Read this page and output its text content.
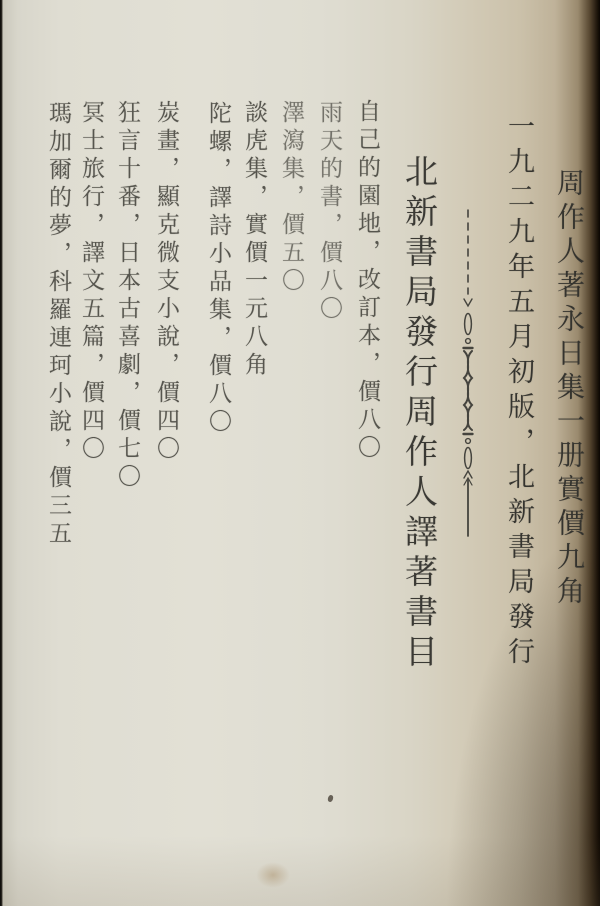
周作人著永日集一册實價九角
一九二九年五月初版，北新書局發行
北新書局發行周作人譯著書目
自己的園地，改訂本，價八〇
雨天的書，價八〇
澤瀉集，價五〇
談虎集，實價一元八角
陀螺，譯詩小品集，價八〇
炭畫，顯克微支小說，價四〇
狂言十番，日本古喜劇，價七〇
冥士旅行，譯文五篇，價四〇
瑪加爾的夢，科羅連珂小說，價三五
